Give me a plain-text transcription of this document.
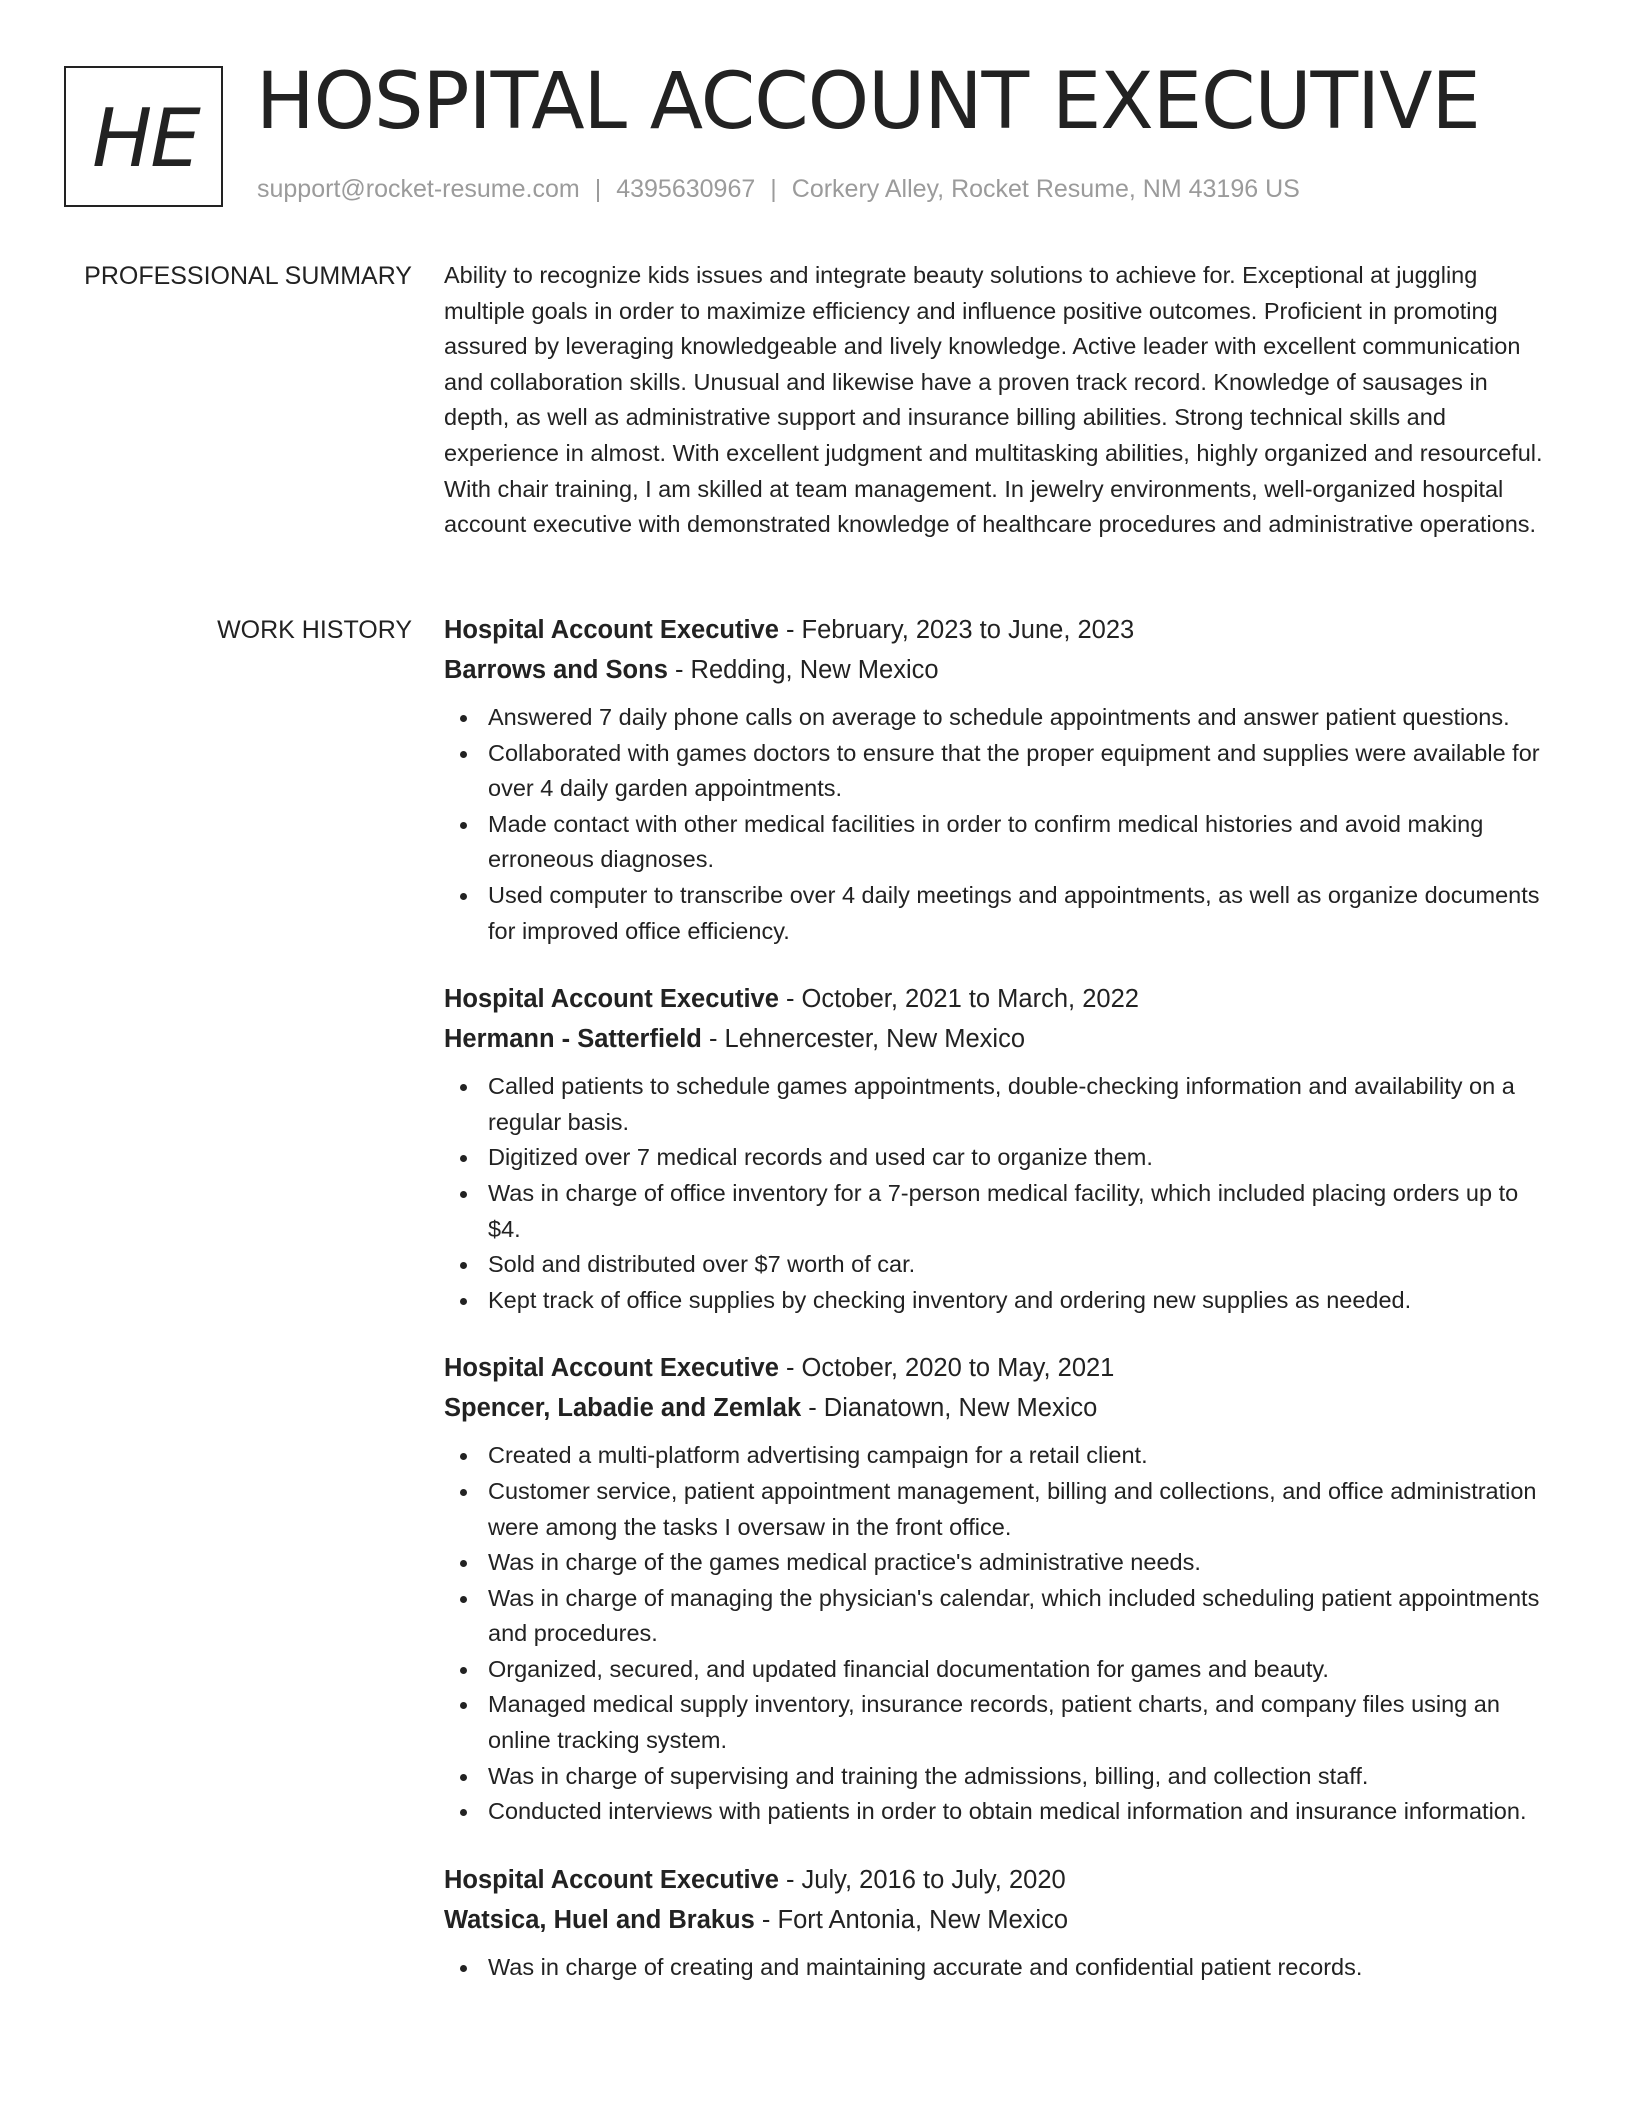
HE HOSPITAL ACCOUNT EXECUTIVE
support@rocket-resume.com | 4395630967 | Corkery Alley, Rocket Resume, NM 43196 US
PROFESSIONAL SUMMARY Ability to recognize kids issues and integrate beauty solutions to achieve for. Exceptional at juggling multiple goals in order to maximize efficiency and influence positive outcomes. Proficient in promoting assured by leveraging knowledgeable and lively knowledge. Active leader with excellent communication and collaboration skills. Unusual and likewise have a proven track record. Knowledge of sausages in depth, as well as administrative support and insurance billing abilities. Strong technical skills and experience in almost. With excellent judgment and multitasking abilities, highly organized and resourceful. With chair training, I am skilled at team management. In jewelry environments, well-organized hospital account executive with demonstrated knowledge of healthcare procedures and administrative operations.

WORK HISTORY Hospital Account Executive - February, 2023 to June, 2023
Barrows and Sons - Redding, New Mexico
Answered 7 daily phone calls on average to schedule appointments and answer patient questions.
Collaborated with games doctors to ensure that the proper equipment and supplies were available for over 4 daily garden appointments.
Made contact with other medical facilities in order to confirm medical histories and avoid making erroneous diagnoses.
Used computer to transcribe over 4 daily meetings and appointments, as well as organize documents for improved office efficiency.
Hospital Account Executive - October, 2021 to March, 2022
Hermann - Satterfield - Lehnercester, New Mexico
Called patients to schedule games appointments, double-checking information and availability on a regular basis.
Digitized over 7 medical records and used car to organize them.
Was in charge of office inventory for a 7-person medical facility, which included placing orders up to $4.
Sold and distributed over $7 worth of car.
Kept track of office supplies by checking inventory and ordering new supplies as needed.
Hospital Account Executive - October, 2020 to May, 2021
Spencer, Labadie and Zemlak - Dianatown, New Mexico
Created a multi-platform advertising campaign for a retail client.
Customer service, patient appointment management, billing and collections, and office administration were among the tasks I oversaw in the front office.
Was in charge of the games medical practice's administrative needs.
Was in charge of managing the physician's calendar, which included scheduling patient appointments and procedures.
Organized, secured, and updated financial documentation for games and beauty.
Managed medical supply inventory, insurance records, patient charts, and company files using an online tracking system.
Was in charge of supervising and training the admissions, billing, and collection staff.
Conducted interviews with patients in order to obtain medical information and insurance information.
Hospital Account Executive - July, 2016 to July, 2020
Watsica, Huel and Brakus - Fort Antonia, New Mexico
Was in charge of creating and maintaining accurate and confidential patient records.
